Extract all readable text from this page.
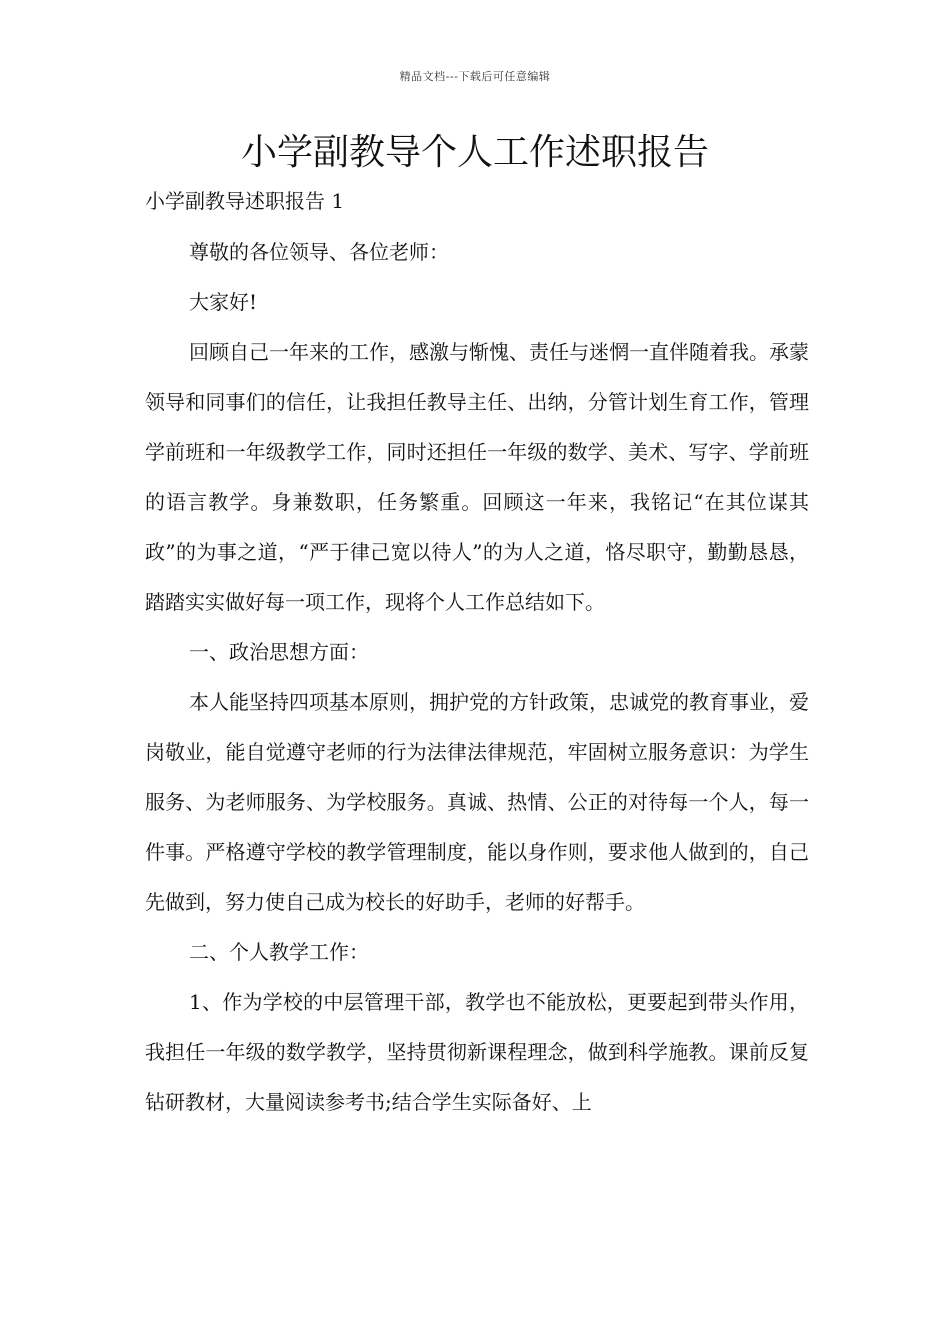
精品文档---下载后可任意编辑
小学副教导个人工作述职报告

小学副教导述职报告 1

尊敬的各位领导、各位老师：

大家好!

回顾自己一年来的工作，感激与惭愧、责任与迷惘一直伴随着我。承蒙领导和同事们的信任，让我担任教导主任、出纳，分管计划生育工作，管理学前班和一年级教学工作，同时还担任一年级的数学、美术、写字、学前班的语言教学。身兼数职，任务繁重。回顾这一年来，我铭记“在其位谋其政”的为事之道，“严于律己宽以待人”的为人之道，恪尽职守，勤勤恳恳，踏踏实实做好每一项工作，现将个人工作总结如下。

一、政治思想方面：

本人能坚持四项基本原则，拥护党的方针政策，忠诚党的教育事业，爱岗敬业，能自觉遵守老师的行为法律法律规范，牢固树立服务意识：为学生服务、为老师服务、为学校服务。真诚、热情、公正的对待每一个人，每一件事。严格遵守学校的教学管理制度，能以身作则，要求他人做到的，自己先做到，努力使自己成为校长的好助手，老师的好帮手。

二、个人教学工作：

1、作为学校的中层管理干部，教学也不能放松，更要起到带头作用，我担任一年级的数学教学，坚持贯彻新课程理念，做到科学施教。课前反复钻研教材，大量阅读参考书;结合学生实际备好、上
